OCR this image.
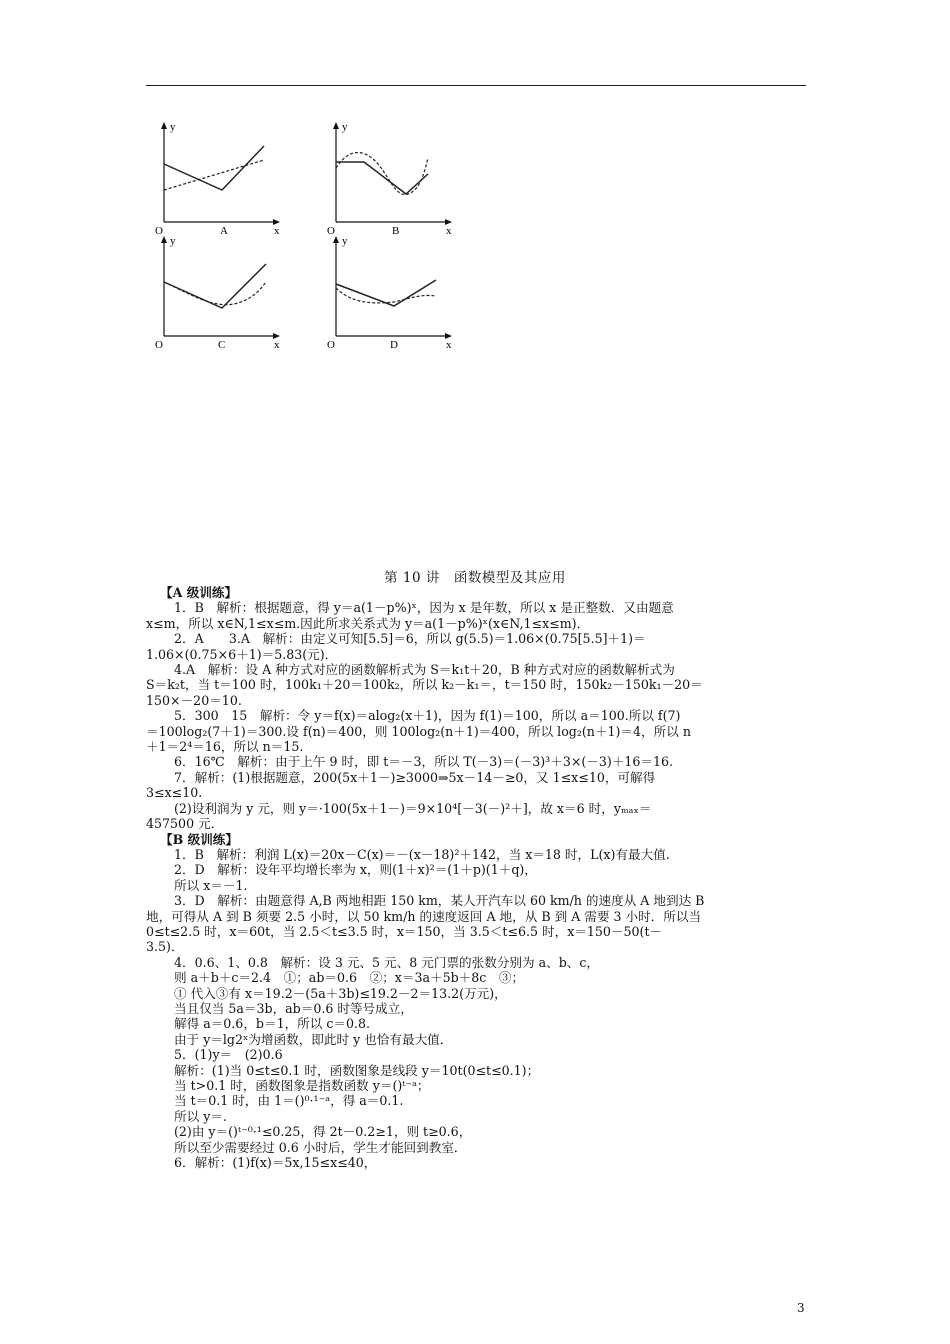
y
O	x
A
y
O	x
B
y
O	x
C
y
O	x
D
第 10 讲　函数模型及其应用
【A 级训练】
1．B　解析：根据题意，得 y＝a(1－p%)ˣ，因为 x 是年数，所以 x 是正整数．又由题意
x≤m，所以 x∈N,1≤x≤m.因此所求关系式为 y＝a(1－p%)ˣ(x∈N,1≤x≤m)．
2．A　　3.A　解析：由定义可知[5.5]＝6，所以 g(5.5)＝1.06×(0.75[5.5]＋1)＝
1.06×(0.75×6＋1)＝5.83(元)．
4.A　解析：设 A 种方式对应的函数解析式为 S＝k₁t＋20，B 种方式对应的函数解析式为
S＝k₂t，当 t＝100 时，100k₁＋20＝100k₂，所以 k₂－k₁＝，t＝150 时，150k₂－150k₁－20＝
150×－20＝10.
5．300　15　解析：令 y＝f(x)＝alog₂(x＋1)，因为 f(1)＝100，所以 a＝100.所以 f(7)
＝100log₂(7＋1)＝300.设 f(n)＝400，则 100log₂(n＋1)＝400，所以 log₂(n＋1)＝4，所以 n
＋1＝2⁴＝16，所以 n＝15.
6．16℃　解析：由于上午 9 时，即 t＝－3，所以 T(－3)＝(－3)³＋3×(－3)＋16＝16.
7．解析：(1)根据题意，200(5x＋1－)≥3000⇒5x－14－≥0，又 1≤x≤10，可解得
3≤x≤10.
(2)设利润为 y 元，则 y＝·100(5x＋1－)＝9×10⁴[－3(－)²＋]，故 x＝6 时，yₘₐₓ＝
457500 元．
【B 级训练】
1．B　解析：利润 L(x)＝20x－C(x)＝－(x－18)²＋142，当 x＝18 时，L(x)有最大值.
2．D　解析：设年平均增长率为 x，则(1＋x)²＝(1＋p)(1＋q)，
所以 x＝－1.
3．D　解析：由题意得 A,B 两地相距 150 km，某人开汽车以 60 km/h 的速度从 A 地到达 B
地，可得从 A 到 B 须要 2.5 小时，以 50 km/h 的速度返回 A 地，从 B 到 A 需要 3 小时．所以当
0≤t≤2.5 时，x＝60t，当 2.5＜t≤3.5 时，x＝150，当 3.5＜t≤6.5 时，x＝150－50(t－
3.5)．
4．0.6、1、0.8　解析：设 3 元、5 元、8 元门票的张数分别为 a、b、c，
则 a＋b＋c＝2.4　①；ab＝0.6　②；x＝3a＋5b＋8c　③；
① 代入③有 x＝19.2－(5a＋3b)≤19.2－2＝13.2(万元)，
当且仅当 5a＝3b，ab＝0.6 时等号成立，
解得 a＝0.6，b＝1，所以 c＝0.8.
由于 y＝lg2ˣ为增函数，即此时 y 也恰有最大值．
5．(1)y＝　(2)0.6
解析：(1)当 0≤t≤0.1 时，函数图象是线段 y＝10t(0≤t≤0.1)；
当 t>0.1 时，函数图象是指数函数 y＝()ᵗ⁻ᵃ；
当 t＝0.1 时，由 1＝()⁰·¹⁻ᵃ，得 a＝0.1.
所以 y＝.
(2)由 y＝()ᵗ⁻⁰·¹≤0.25，得 2t－0.2≥1，则 t≥0.6，
所以至少需要经过 0.6 小时后，学生才能回到教室．
6．解析：(1)f(x)＝5x,15≤x≤40，
3
